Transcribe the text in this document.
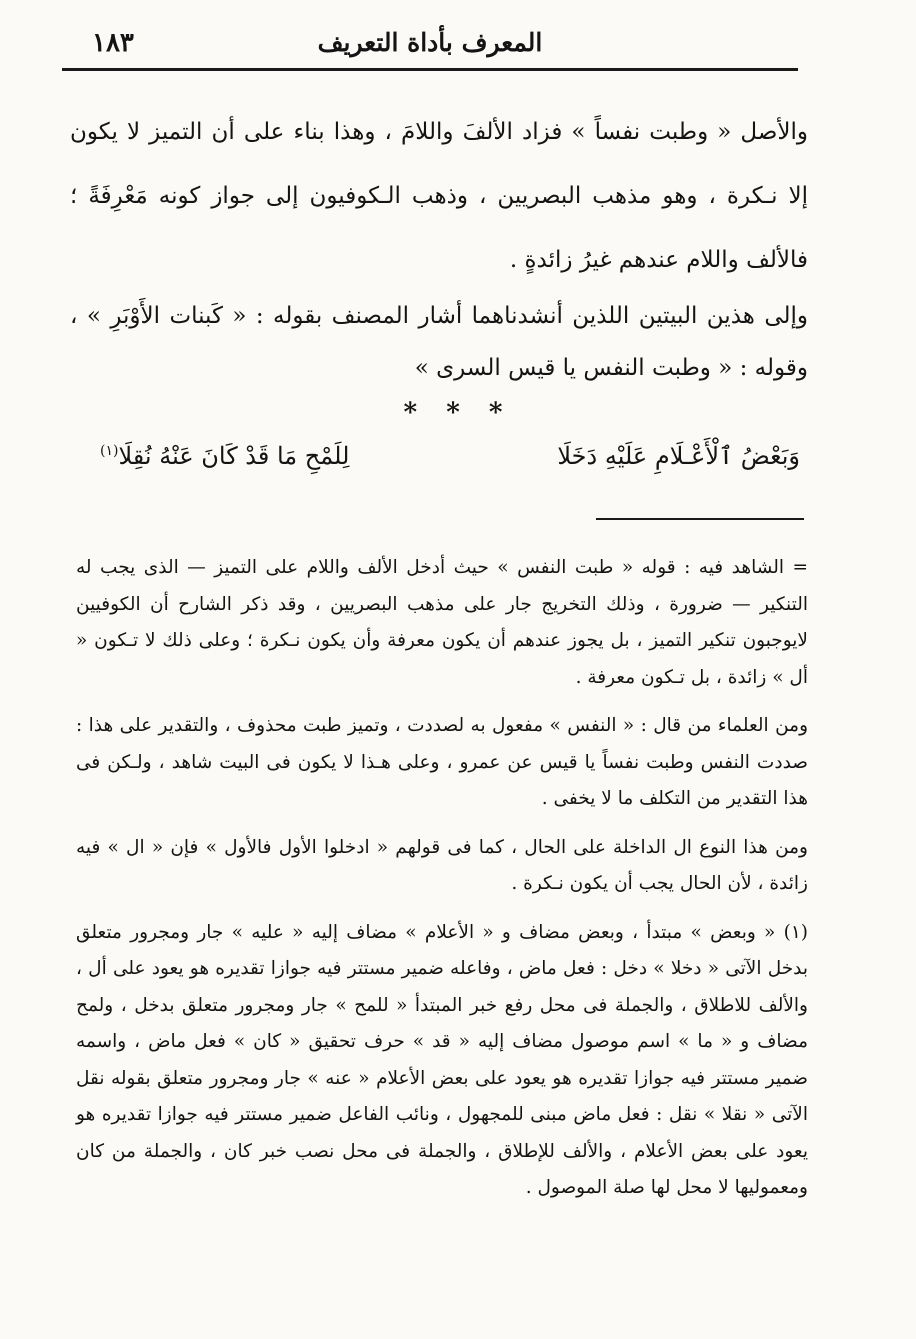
١٨٣	المعرف بأداة التعريف

والأصل « وطبت نفساً » فزاد الألفَ واللامَ ، وهذا بناء على أن التميز لا يكون إلا نـكرة ، وهو مذهب البصريين ، وذهب الـكوفيون إلى جواز كونه مَعْرِفَةً ؛ فالألف واللام عندهم غيرُ زائدةٍ .

وإلى هذين البيتين اللذين أنشدناهما أشار المصنف بقوله : « كَبنات الأَوْبَرِ » ، وقوله : « وطبت النفس يا قيس السرى »

* * *
وَبَعْضُ ٱلْأَعْـلَامِ عَلَيْهِ دَخَلَا
لِلَمْحِ مَا قَدْ كَانَ عَنْهُ نُقِلَا$^{(١)}$

= الشاهد فيه : قوله « طبت النفس » حيث أدخل الألف واللام على التميز — الذى يجب له التنكير — ضرورة ، وذلك التخريج جار على مذهب البصريين ، وقد ذكر الشارح أن الكوفيين لايوجبون تنكير التميز ، بل يجوز عندهم أن يكون معرفة وأن يكون نـكرة ؛ وعلى ذلك لا تـكون « أل » زائدة ، بل تـكون معرفة .

ومن العلماء من قال : « النفس » مفعول به لصددت ، وتميز طبت محذوف ، والتقدير على هذا : صددت النفس وطبت نفساً يا قيس عن عمرو ، وعلى هـذا لا يكون فى البيت شاهد ، ولـكن فى هذا التقدير من التكلف ما لا يخفى .

ومن هذا النوع ال الداخلة على الحال ، كما فى قولهم « ادخلوا الأول فالأول » فإن « ال » فيه زائدة ، لأن الحال يجب أن يكون نـكرة .

(١) « وبعض » مبتدأ ، وبعض مضاف و « الأعلام » مضاف إليه « عليه » جار ومجرور متعلق بدخل الآتى « دخلا » دخل : فعل ماض ، وفاعله ضمير مستتر فيه جوازا تقديره هو يعود على أل ، والألف للاطلاق ، والجملة فى محل رفع خبر المبتدأ « للمح » جار ومجرور متعلق بدخل ، ولمح مضاف و « ما » اسم موصول مضاف إليه « قد » حرف تحقيق « كان » فعل ماض ، واسمه ضمير مستتر فيه جوازا تقديره هو يعود على بعض الأعلام « عنه » جار ومجرور متعلق بقوله نقل الآتى « نقلا » نقل : فعل ماض مبنى للمجهول ، ونائب الفاعل ضمير مستتر فيه جوازا تقديره هو يعود على بعض الأعلام ، والألف للإطلاق ، والجملة فى محل نصب خبر كان ، والجملة من كان ومعموليها لا محل لها صلة الموصول .
